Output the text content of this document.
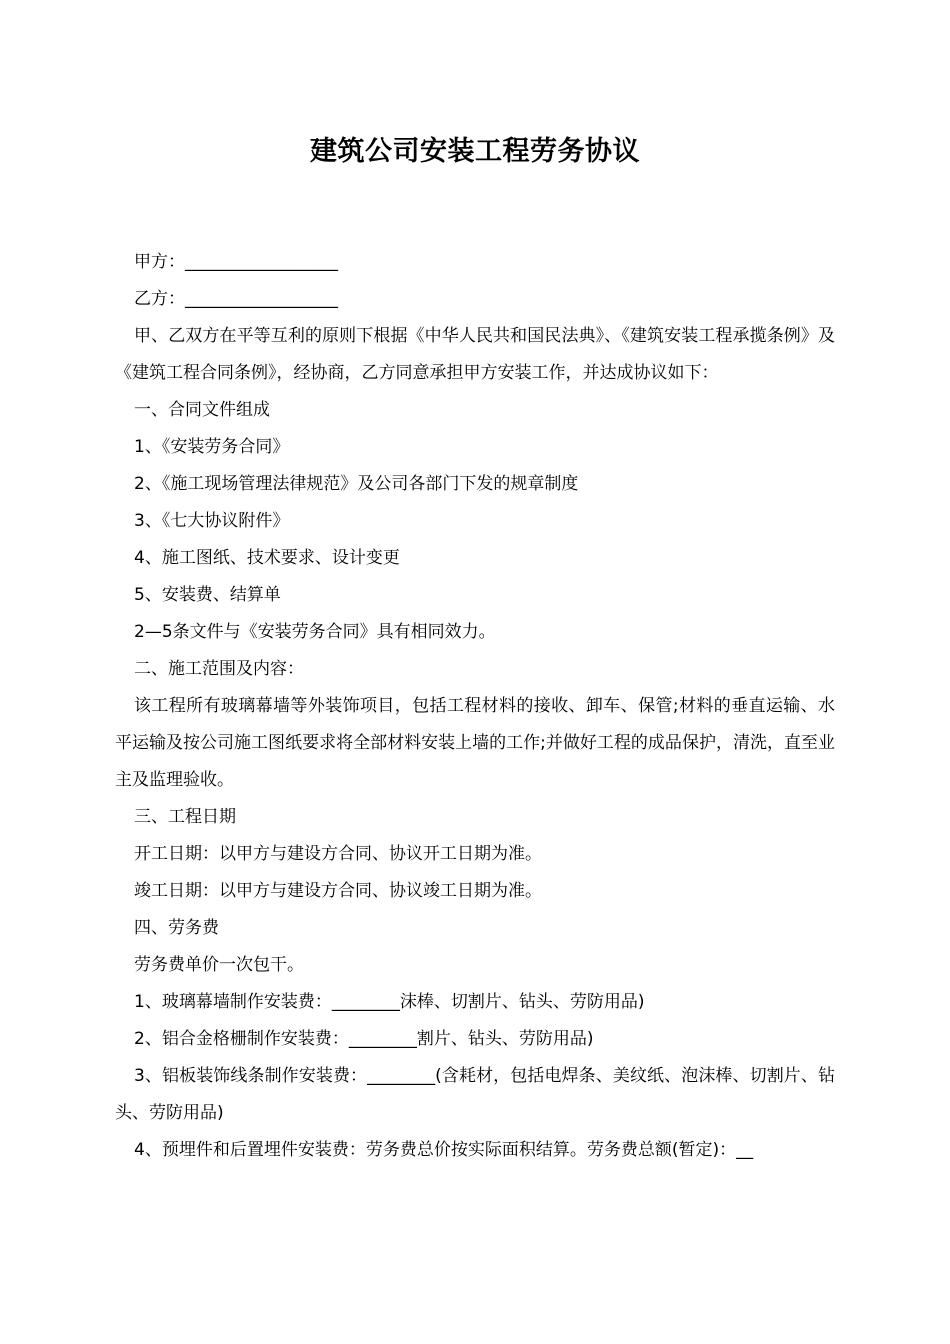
建筑公司安装工程劳务协议

甲方：__________________

乙方：__________________

甲、乙双方在平等互利的原则下根据《中华人民共和国民法典》、《建筑安装工程承揽条例》及《建筑工程合同条例》，经协商，乙方同意承担甲方安装工作，并达成协议如下：

一、合同文件组成

1、《安装劳务合同》

2、《施工现场管理法律规范》及公司各部门下发的规章制度

3、《七大协议附件》

4、施工图纸、技术要求、设计变更

5、安装费、结算单

2—5条文件与《安装劳务合同》具有相同效力。

二、施工范围及内容：

该工程所有玻璃幕墙等外装饰项目，包括工程材料的接收、卸车、保管;材料的垂直运输、水平运输及按公司施工图纸要求将全部材料安装上墙的工作;并做好工程的成品保护，清洗，直至业主及监理验收。

三、工程日期

开工日期：以甲方与建设方合同、协议开工日期为准。

竣工日期：以甲方与建设方合同、协议竣工日期为准。

四、劳务费

劳务费单价一次包干。

1、玻璃幕墙制作安装费：________沫棒、切割片、钻头、劳防用品)

2、铝合金格栅制作安装费：________割片、钻头、劳防用品)

3、铝板装饰线条制作安装费：________(含耗材，包括电焊条、美纹纸、泡沫棒、切割片、钻头、劳防用品)

4、预埋件和后置埋件安装费：劳务费总价按实际面积结算。劳务费总额(暂定)：__
